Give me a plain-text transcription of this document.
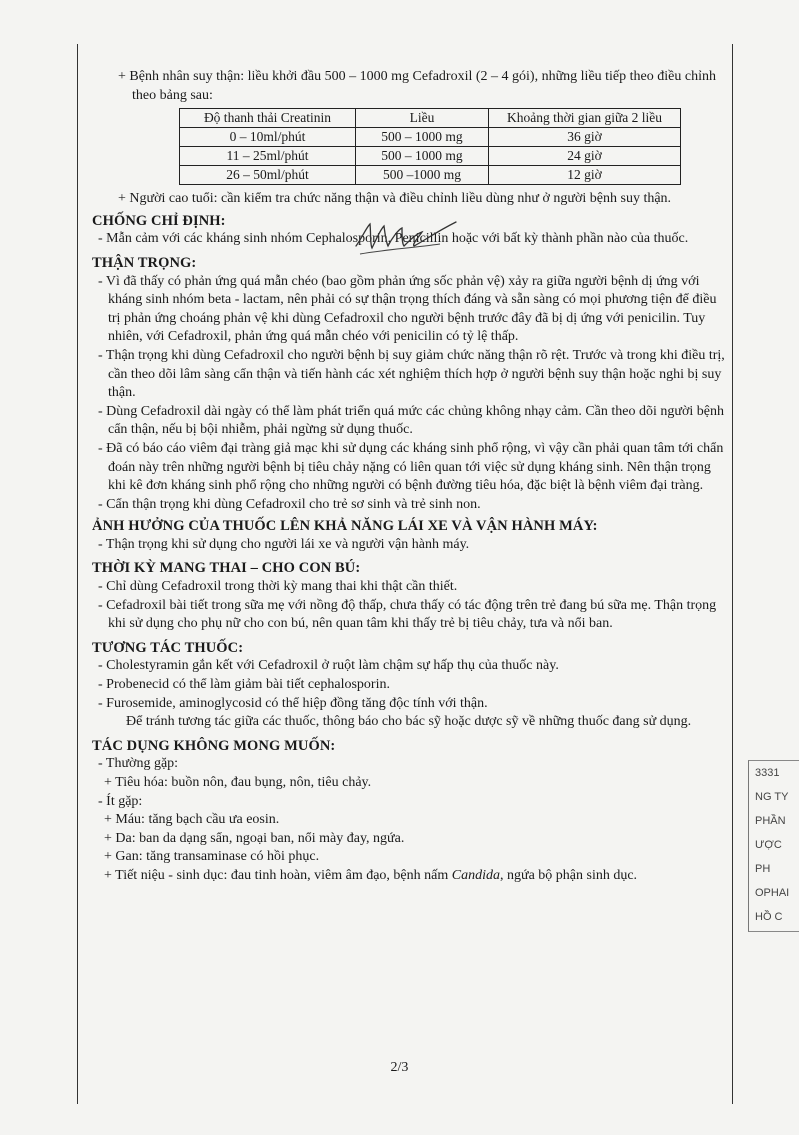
+ Bệnh nhân suy thận: liều khởi đầu 500 – 1000 mg Cefadroxil (2 – 4 gói), những liều tiếp theo điều chỉnh theo bảng sau:

Độ thanh thải Creatinin	Liều	Khoảng thời gian giữa 2 liều
0 – 10ml/phút	500 – 1000 mg	36 giờ
11 – 25ml/phút	500 – 1000 mg	24 giờ
26 – 50ml/phút	500 –1000 mg	12 giờ

+ Người cao tuổi: cần kiểm tra chức năng thận và điều chỉnh liều dùng như ở người bệnh suy thận.

CHỐNG CHỈ ĐỊNH:

- Mẫn cảm với các kháng sinh nhóm Cephalosporin, Penicillin hoặc với bất kỳ thành phần nào của thuốc.

THẬN TRỌNG:

- Vì đã thấy có phản ứng quá mẫn chéo (bao gồm phản ứng sốc phản vệ) xảy ra giữa người bệnh dị ứng với kháng sinh nhóm beta - lactam, nên phải có sự thận trọng thích đáng và sẵn sàng có mọi phương tiện để điều trị phản ứng choáng phản vệ khi dùng Cefadroxil cho người bệnh trước đây đã bị dị ứng với penicilin. Tuy nhiên, với Cefadroxil, phản ứng quá mẫn chéo với penicilin có tỷ lệ thấp.

- Thận trọng khi dùng Cefadroxil cho người bệnh bị suy giảm chức năng thận rõ rệt. Trước và trong khi điều trị, cần theo dõi lâm sàng cẩn thận và tiến hành các xét nghiệm thích hợp ở người bệnh suy thận hoặc nghi bị suy thận.

- Dùng Cefadroxil dài ngày có thể làm phát triển quá mức các chủng không nhạy cảm. Cần theo dõi người bệnh cẩn thận, nếu bị bội nhiễm, phải ngừng sử dụng thuốc.

- Đã có báo cáo viêm đại tràng giả mạc khi sử dụng các kháng sinh phổ rộng, vì vậy cần phải quan tâm tới chẩn đoán này trên những người bệnh bị tiêu chảy nặng có liên quan tới việc sử dụng kháng sinh. Nên thận trọng khi kê đơn kháng sinh phổ rộng cho những người có bệnh đường tiêu hóa, đặc biệt là bệnh viêm đại tràng.

- Cẩn thận trọng khi dùng Cefadroxil cho trẻ sơ sinh và trẻ sinh non.

ẢNH HƯỞNG CỦA THUỐC LÊN KHẢ NĂNG LÁI XE VÀ VẬN HÀNH MÁY:

- Thận trọng khi sử dụng cho người lái xe và người vận hành máy.

THỜI KỲ MANG THAI – CHO CON BÚ:

- Chỉ dùng Cefadroxil trong thời kỳ mang thai khi thật cần thiết.

- Cefadroxil bài tiết trong sữa mẹ với nồng độ thấp, chưa thấy có tác động trên trẻ đang bú sữa mẹ. Thận trọng khi sử dụng cho phụ nữ cho con bú, nên quan tâm khi thấy trẻ bị tiêu chảy, tưa và nổi ban.

TƯƠNG TÁC THUỐC:

- Cholestyramin gắn kết với Cefadroxil ở ruột làm chậm sự hấp thụ của thuốc này.

- Probenecid có thể làm giảm bài tiết cephalosporin.

- Furosemide, aminoglycosid có thể hiệp đồng tăng độc tính với thận.

Để tránh tương tác giữa các thuốc, thông báo cho bác sỹ hoặc dược sỹ về những thuốc đang sử dụng.

TÁC DỤNG KHÔNG MONG MUỐN:

- Thường gặp:

+ Tiêu hóa: buồn nôn, đau bụng, nôn, tiêu chảy.

- Ít gặp:

+ Máu: tăng bạch cầu ưa eosin.

+ Da: ban da dạng sẩn, ngoại ban, nổi mày đay, ngứa.

+ Gan: tăng transaminase có hồi phục.

+ Tiết niệu - sinh dục: đau tinh hoàn, viêm âm đạo, bệnh nấm Candida, ngứa bộ phận sinh dục.

3331
NG TY
PHẦN
ƯỢC PH
OPHAI
HỒ C
2/3
